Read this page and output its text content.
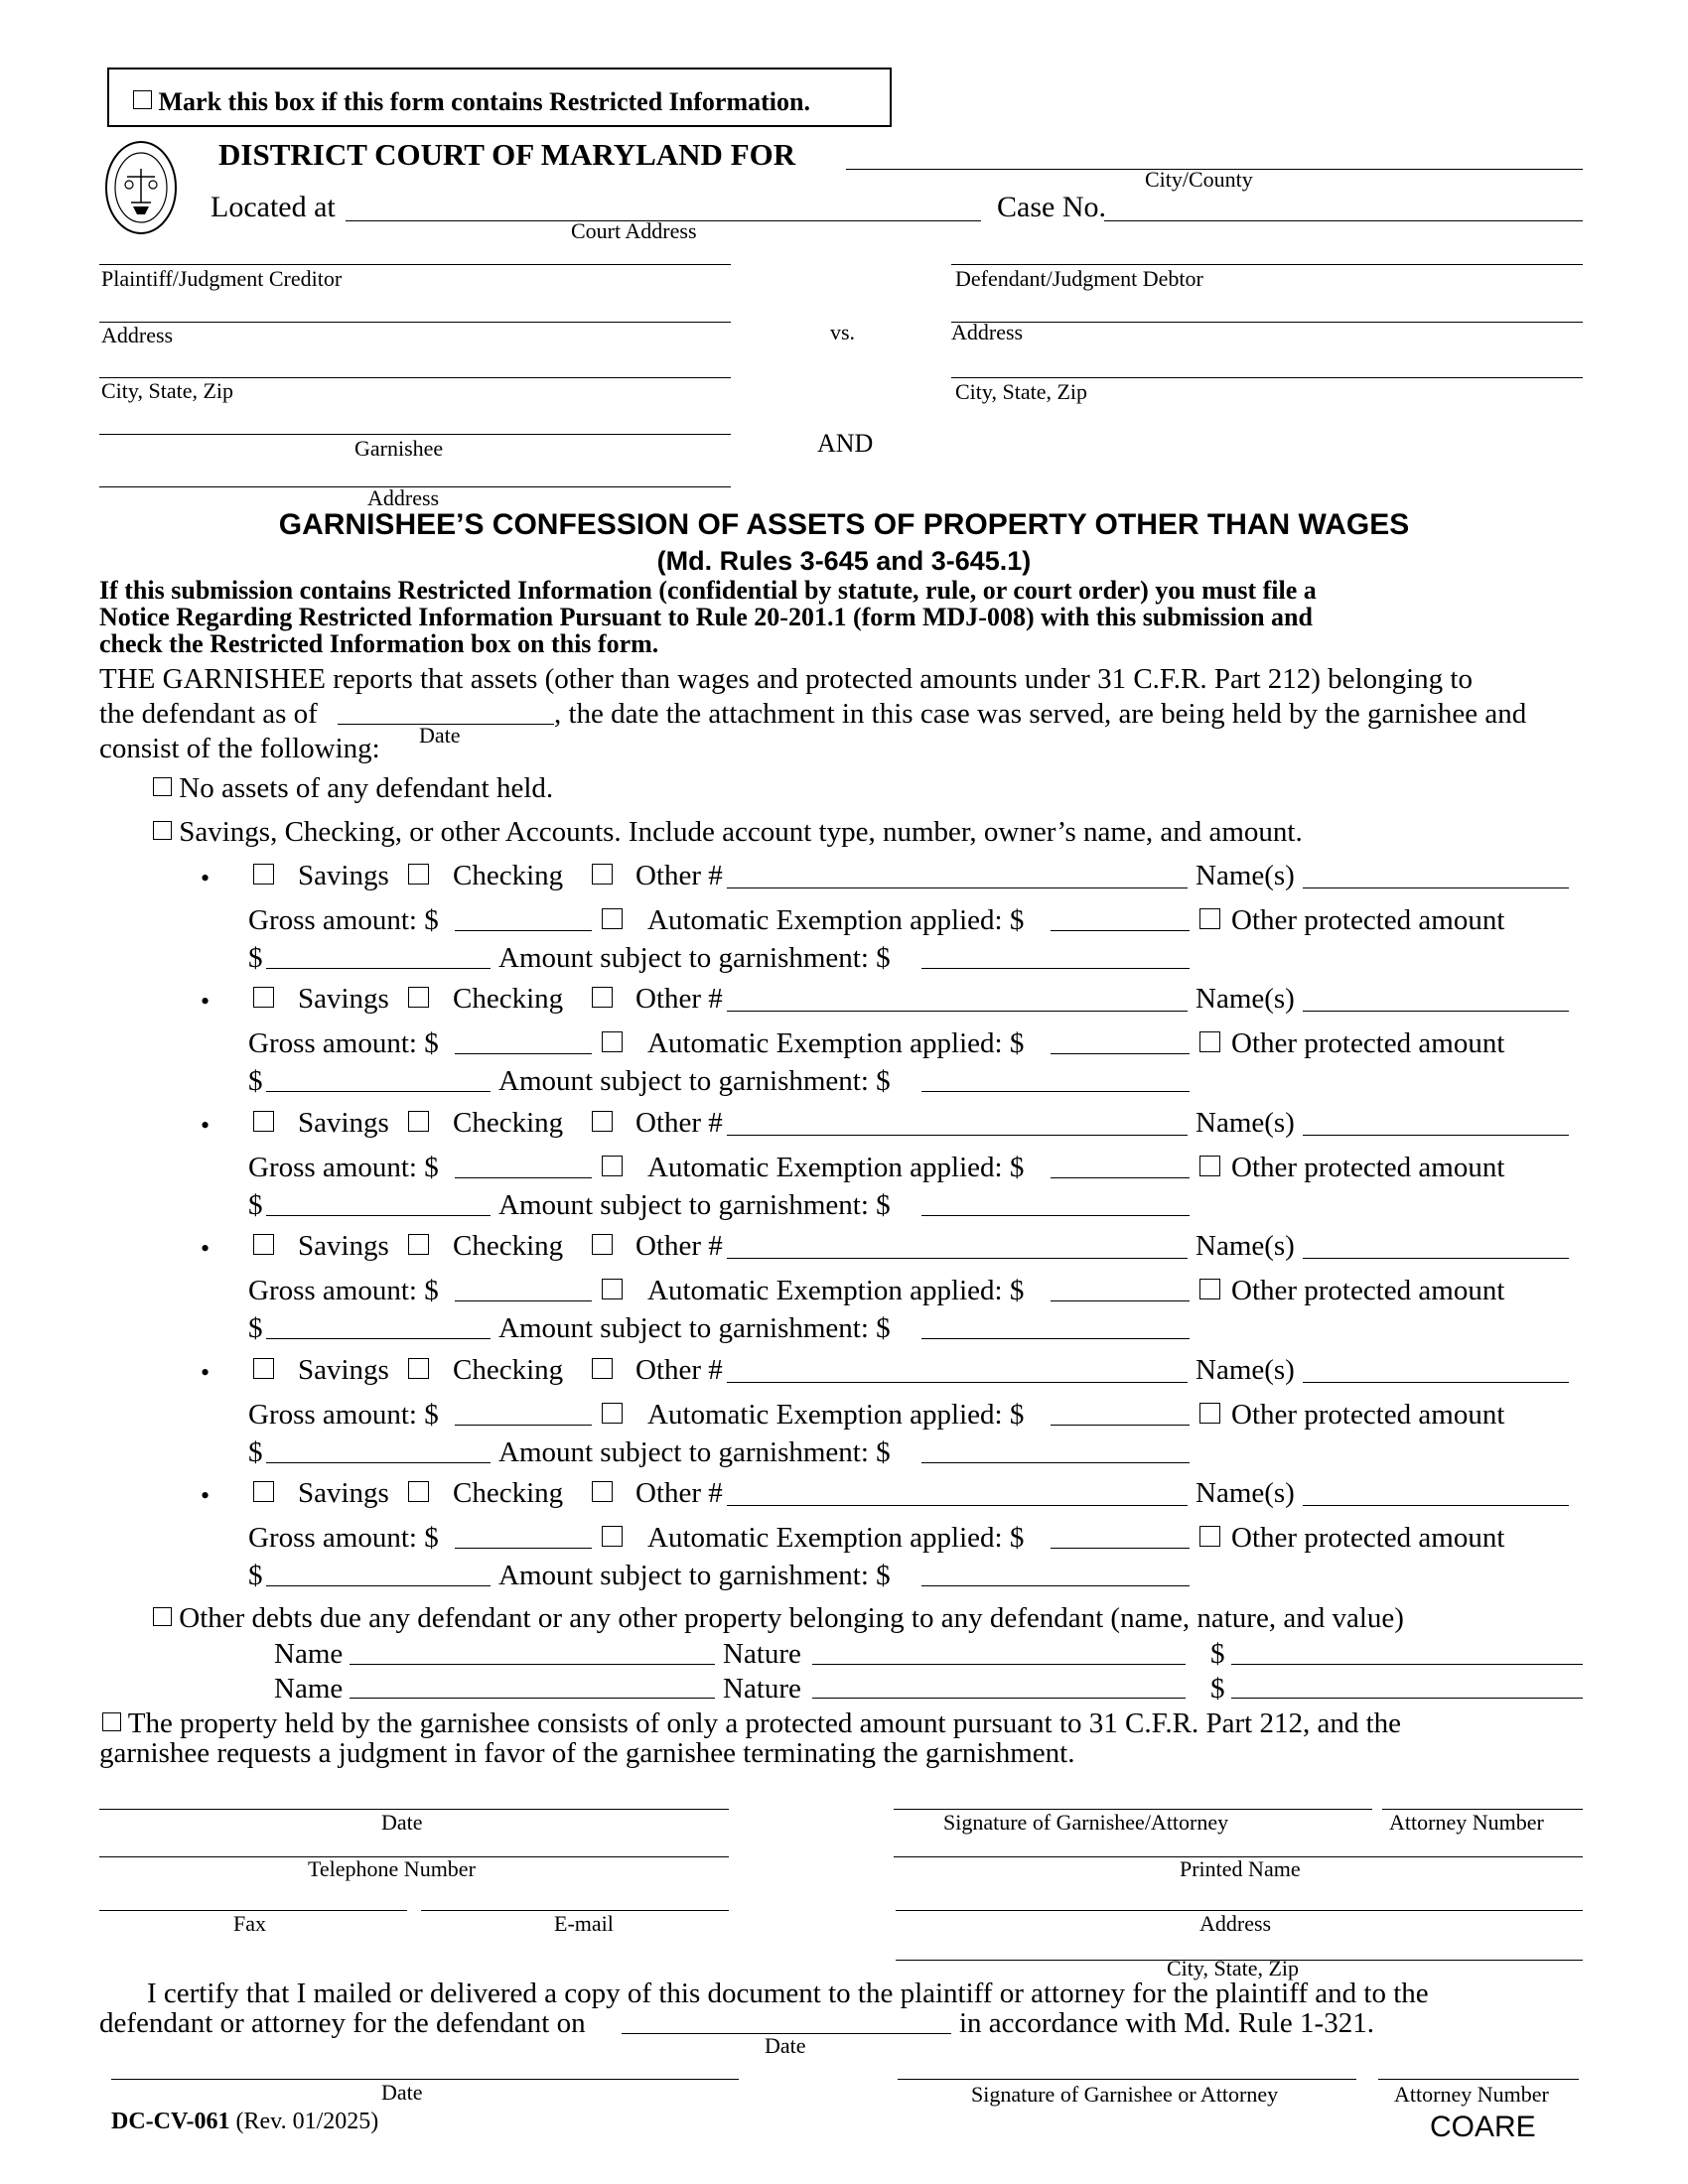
Mark this box if this form contains Restricted Information.
DISTRICT COURT OF MARYLAND FOR
City/County
Located at
Court Address
Case No.
Plaintiff/Judgment Creditor
Address
City, State, Zip
vs.
Defendant/Judgment Debtor
Address
City, State, Zip
Garnishee	AND
Address
GARNISHEE’S CONFESSION OF ASSETS OF PROPERTY OTHER THAN WAGES
(Md. Rules 3-645 and 3-645.1)
If this submission contains Restricted Information (confidential by statute, rule, or court order) you must file a
Notice Regarding Restricted Information Pursuant to Rule 20-201.1 (form MDJ-008) with this submission and
check the Restricted Information box on this form.
THE GARNISHEE reports that assets (other than wages and protected amounts under 31 C.F.R. Part 212) belonging to
the defendant as of	, the date the attachment in this case was served, are being held by the garnishee and
consist of the following: Date
No assets of any defendant held.
Savings, Checking, or other Accounts. Include account type, number, owner’s name, and amount.
•	Savings Checking	Other #	Name(s)
Gross amount: $	Automatic Exemption applied: $	Other protected amount
$	Amount subject to garnishment: $
•	Savings Checking	Other #	Name(s)
Gross amount: $	Automatic Exemption applied: $	Other protected amount
$	Amount subject to garnishment: $
•	Savings Checking	Other #	Name(s)
Gross amount: $	Automatic Exemption applied: $	Other protected amount
$	Amount subject to garnishment: $
•	Savings Checking	Other #	Name(s)
Gross amount: $	Automatic Exemption applied: $	Other protected amount
$	Amount subject to garnishment: $
•	Savings Checking	Other #	Name(s)
Gross amount: $	Automatic Exemption applied: $	Other protected amount
$	Amount subject to garnishment: $
•	Savings Checking	Other #	Name(s)
Gross amount: $	Automatic Exemption applied: $	Other protected amount
$	Amount subject to garnishment: $
Other debts due any defendant or any other property belonging to any defendant (name, nature, and value)
Name	Nature	$
Name	Nature	$
The property held by the garnishee consists of only a protected amount pursuant to 31 C.F.R. Part 212, and the
garnishee requests a judgment in favor of the garnishee terminating the garnishment.
Date	Signature of Garnishee/Attorney	Attorney Number
Telephone Number	Printed Name
Fax	E-mail	Address
City, State, Zip
I certify that I mailed or delivered a copy of this document to the plaintiff or attorney for the plaintiff and to the
defendant or attorney for the defendant on	in accordance with Md. Rule 1-321.
Date
Date	Signature of Garnishee or Attorney	Attorney Number
DC-CV-061 (Rev. 01/2025)	COARE
